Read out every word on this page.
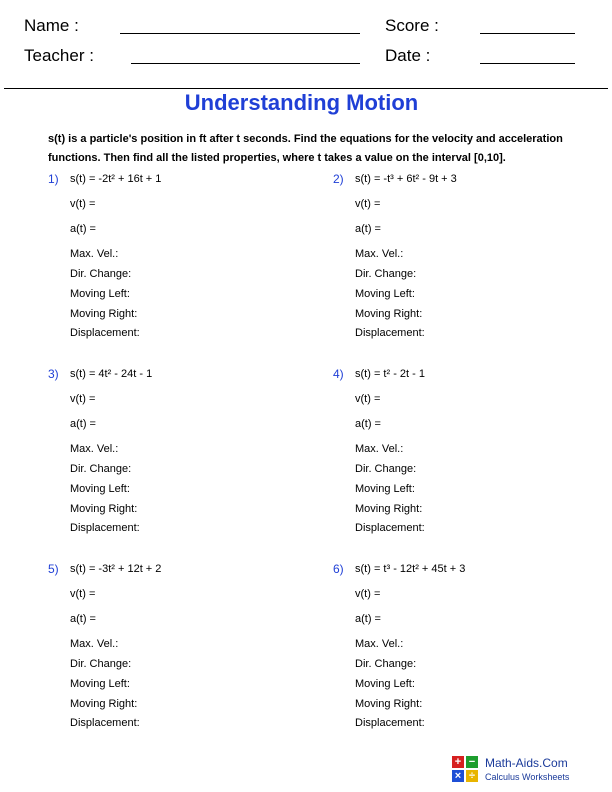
Name :	Score :
Teacher :	Date :
Understanding Motion
s(t) is a particle's position in ft after t seconds. Find the equations for the velocity and acceleration functions. Then find all the listed properties, where t takes a value on the interval [0,10].
1) s(t) = -2t² + 16t + 1
v(t) =
a(t) =
Max. Vel.:
Dir. Change:
Moving Left:
Moving Right:
Displacement:
2) s(t) = -t³ + 6t² - 9t + 3
v(t) =
a(t) =
Max. Vel.:
Dir. Change:
Moving Left:
Moving Right:
Displacement:
3) s(t) = 4t² - 24t - 1
v(t) =
a(t) =
Max. Vel.:
Dir. Change:
Moving Left:
Moving Right:
Displacement:
4) s(t) = t² - 2t - 1
v(t) =
a(t) =
Max. Vel.:
Dir. Change:
Moving Left:
Moving Right:
Displacement:
5) s(t) = -3t² + 12t + 2
v(t) =
a(t) =
Max. Vel.:
Dir. Change:
Moving Left:
Moving Right:
Displacement:
6) s(t) = t³ - 12t² + 45t + 3
v(t) =
a(t) =
Max. Vel.:
Dir. Change:
Moving Left:
Moving Right:
Displacement:
+ −
× ÷
Math-Aids.Com
Calculus Worksheets
